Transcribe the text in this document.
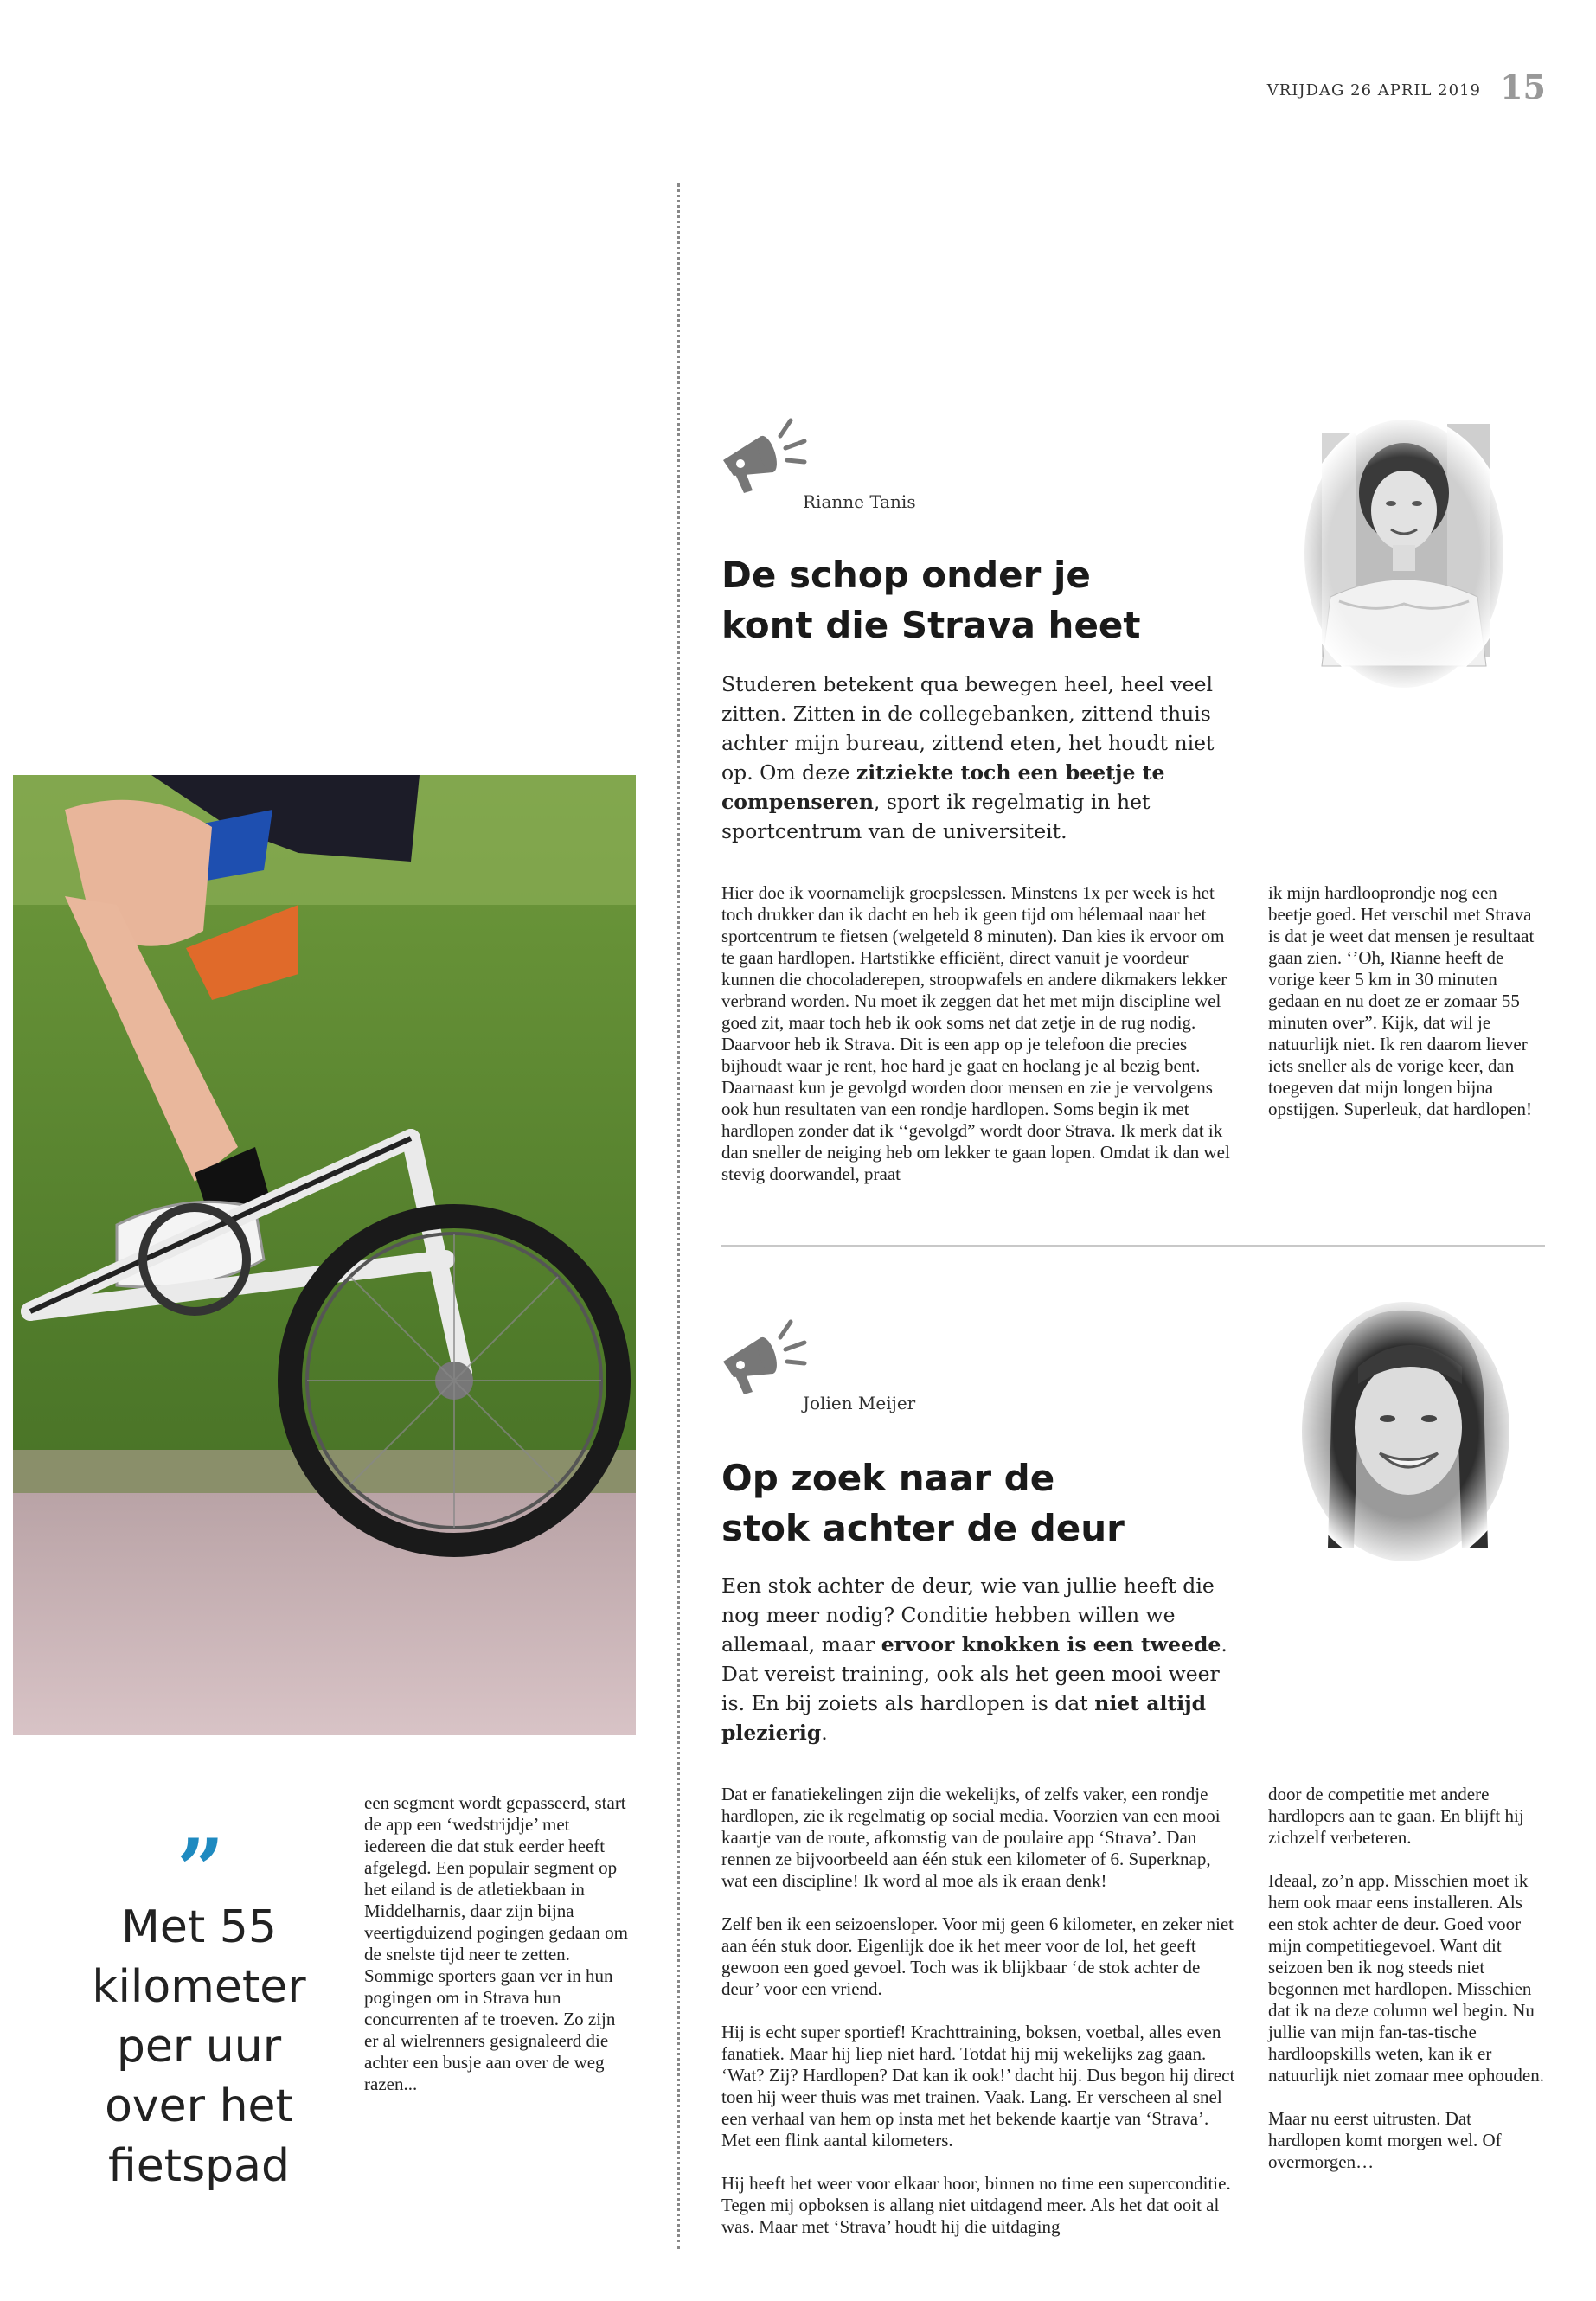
VRIJDAG 26 APRIL 2019 15
Rianne Tanis
De schop onder je
kont die Strava heet
Studeren betekent qua bewegen heel, heel veel zitten. Zitten in de collegebanken, zittend thuis achter mijn bureau, zittend eten, het houdt niet op. Om deze zitziekte toch een beetje te compenseren, sport ik regelmatig in het sportcentrum van de universiteit.
Hier doe ik voornamelijk groepslessen. Minstens 1x per week is het toch drukker dan ik dacht en heb ik geen tijd om hélemaal naar het sportcentrum te fietsen (welgeteld 8 minuten). Dan kies ik ervoor om te gaan hardlopen. Hartstikke efficiënt, direct vanuit je voordeur kunnen die chocoladerepen, stroopwafels en andere dikmakers lekker verbrand worden. Nu moet ik zeggen dat het met mijn discipline wel goed zit, maar toch heb ik ook soms net dat zetje in de rug nodig. Daarvoor heb ik Strava. Dit is een app op je telefoon die precies bijhoudt waar je rent, hoe hard je gaat en hoelang je al bezig bent. Daarnaast kun je gevolgd worden door mensen en zie je vervolgens ook hun resultaten van een rondje hardlopen. Soms begin ik met hardlopen zonder dat ik ‘‘gevolgd” wordt door Strava. Ik merk dat ik dan sneller de neiging heb om lekker te gaan lopen. Omdat ik dan wel stevig doorwandel, praat
ik mijn hardlooprondje nog een beetje goed. Het verschil met Strava is dat je weet dat mensen je resultaat gaan zien. ‘’Oh, Rianne heeft de vorige keer 5 km in 30 minuten gedaan en nu doet ze er zomaar 55 minuten over”. Kijk, dat wil je natuurlijk niet. Ik ren daarom liever iets sneller als de vorige keer, dan toegeven dat mijn longen bijna opstijgen. Superleuk, dat hardlopen!
Jolien Meijer
Op zoek naar de
stok achter de deur
Een stok achter de deur, wie van jullie heeft die nog meer nodig? Conditie hebben willen we allemaal, maar ervoor knokken is een tweede. Dat vereist training, ook als het geen mooi weer is. En bij zoiets als hardlopen is dat niet altijd plezierig.

Dat er fanatiekelingen zijn die wekelijks, of zelfs vaker, een rondje hardlopen, zie ik regelmatig op social media. Voorzien van een mooi kaartje van de route, afkomstig van de poulaire app ‘Strava’. Dan rennen ze bijvoorbeeld aan één stuk een kilometer of 6. Superknap, wat een discipline! Ik word al moe als ik eraan denk!

Zelf ben ik een seizoensloper. Voor mij geen 6 kilometer, en zeker niet aan één stuk door. Eigenlijk doe ik het meer voor de lol, het geeft gewoon een goed gevoel. Toch was ik blijkbaar ‘de stok achter de deur’ voor een vriend.

Hij is echt super sportief! Krachttraining, boksen, voetbal, alles even fanatiek. Maar hij liep niet hard. Totdat hij mij wekelijks zag gaan. ‘Wat? Zij? Hardlopen? Dat kan ik ook!’ dacht hij. Dus begon hij direct toen hij weer thuis was met trainen. Vaak. Lang. Er verscheen al snel een verhaal van hem op insta met het bekende kaartje van ‘Strava’. Met een flink aantal kilometers.

Hij heeft het weer voor elkaar hoor, binnen no time een superconditie. Tegen mij opboksen is allang niet uitdagend meer. Als het dat ooit al was. Maar met ‘Strava’ houdt hij die uitdaging

door de competitie met andere hardlopers aan te gaan. En blijft hij zichzelf verbeteren.

Ideaal, zo’n app. Misschien moet ik hem ook maar eens installeren. Als een stok achter de deur. Goed voor mijn competitiegevoel. Want dit seizoen ben ik nog steeds niet begonnen met hardlopen. Misschien dat ik na deze column wel begin. Nu jullie van mijn fan-tas-tische hardloopskills weten, kan ik er natuurlijk niet zomaar mee ophouden.

Maar nu eerst uitrusten. Dat hardlopen komt morgen wel. Of overmorgen…

”
Met 55 kilometer per uur over het fietspad
een segment wordt gepasseerd, start de app een ‘wedstrijdje’ met iedereen die dat stuk eerder heeft afgelegd. Een populair segment op het eiland is de atletiekbaan in Middelharnis, daar zijn bijna veertigduizend pogingen gedaan om de snelste tijd neer te zetten. Sommige sporters gaan ver in hun pogingen om in Strava hun concurrenten af te troeven. Zo zijn er al wielrenners gesignaleerd die achter een busje aan over de weg razen...
